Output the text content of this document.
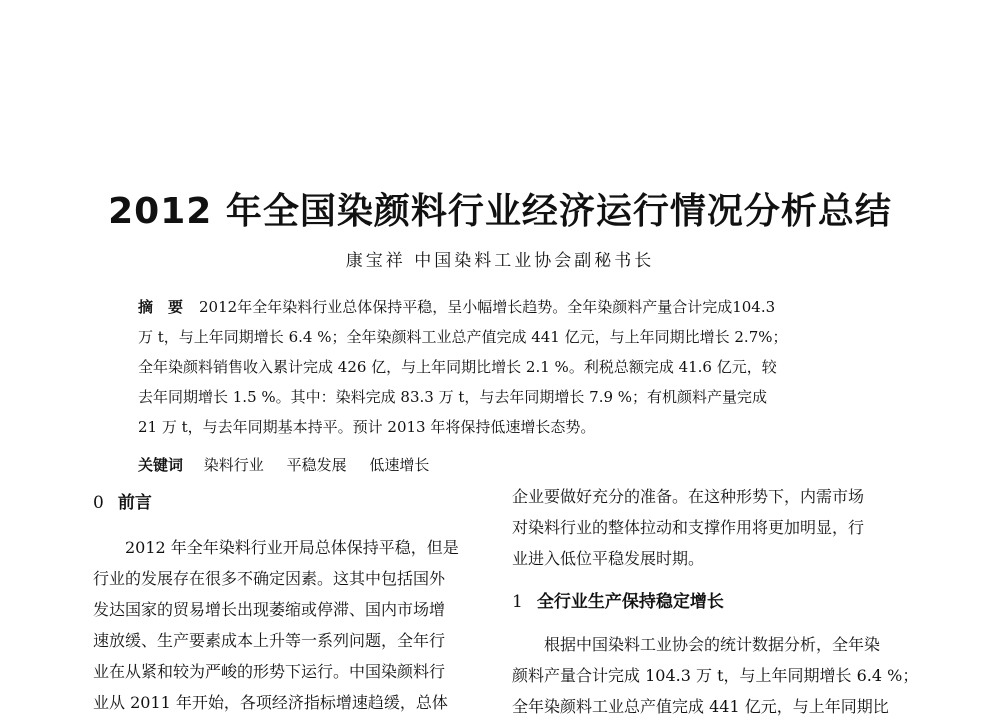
2012 年全国染颜料行业经济运行情况分析总结
康宝祥 中国染料工业协会副秘书长
摘　要 2012年全年染料行业总体保持平稳，呈小幅增长趋势。全年染颜料产量合计完成104.3
万 t，与上年同期增长 6.4 %；全年染颜料工业总产值完成 441 亿元，与上年同期比增长 2.7%；
全年染颜料销售收入累计完成 426 亿，与上年同期比增长 2.1 %。利税总额完成 41.6 亿元，较
去年同期增长 1.5 %。其中：染料完成 83.3 万 t，与去年同期增长 7.9 %；有机颜料产量完成
21 万 t，与去年同期基本持平。预计 2013 年将保持低速增长态势。
关键词 染料行业 平稳发展 低速增长
0 前言
　　2012 年全年染料行业开局总体保持平稳，但是
行业的发展存在很多不确定因素。这其中包括国外
发达国家的贸易增长出现萎缩或停滞、国内市场增
速放缓、生产要素成本上升等一系列问题，全年行
业在从紧和较为严峻的形势下运行。中国染颜料行
业从 2011 年开始，各项经济指标增速趋缓，总体
企业要做好充分的准备。在这种形势下，内需市场
对染料行业的整体拉动和支撑作用将更加明显，行
业进入低位平稳发展时期。
1 全行业生产保持稳定增长
　　根据中国染料工业协会的统计数据分析，全年染
颜料产量合计完成 104.3 万 t，与上年同期增长 6.4 %；
全年染颜料工业总产值完成 441 亿元，与上年同期比
